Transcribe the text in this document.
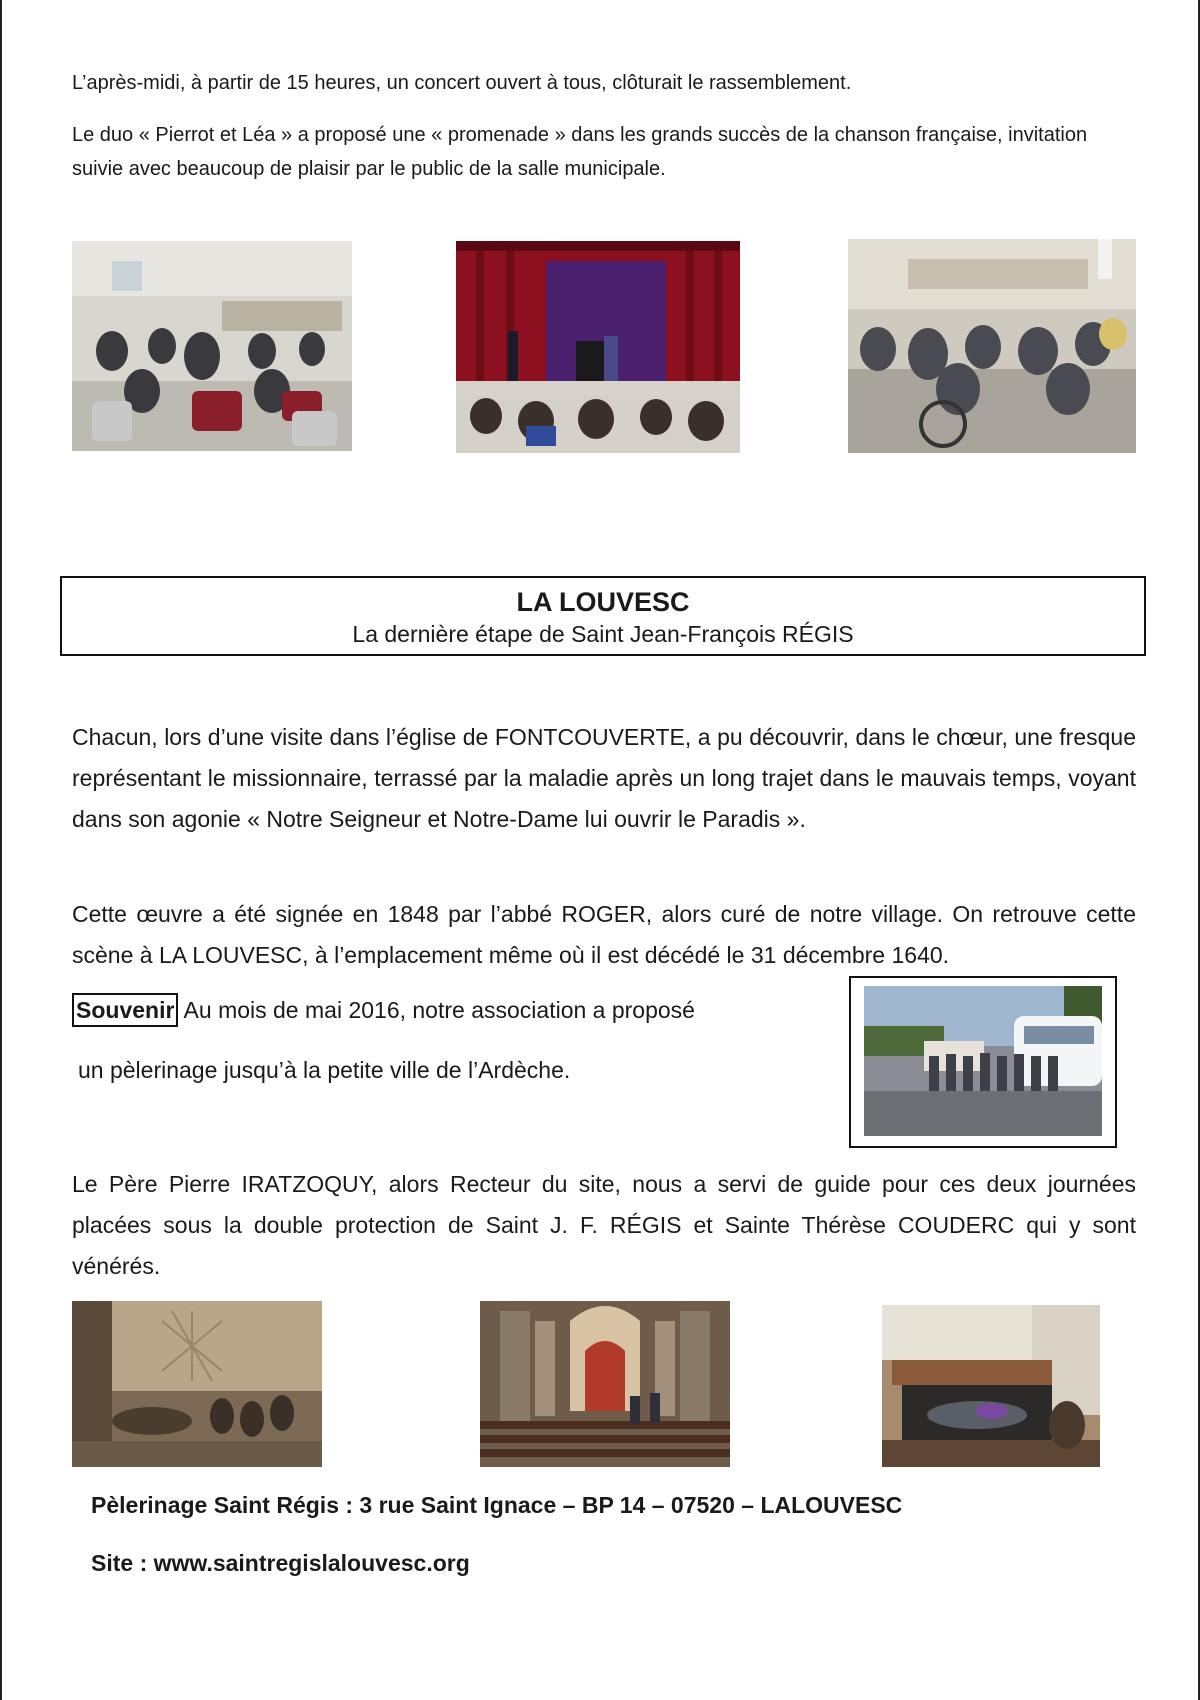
L’après-midi, à partir de 15 heures, un concert ouvert à tous, clôturait le rassemblement.

Le duo « Pierrot et Léa » a proposé une « promenade » dans les grands succès de la chanson française, invitation suivie avec beaucoup de plaisir par le public de la salle municipale.

LA LOUVESC
La dernière étape de Saint Jean-François RÉGIS

Chacun, lors d’une visite dans l’église de FONTCOUVERTE, a pu découvrir, dans le chœur, une fresque représentant le missionnaire, terrassé par la maladie après un long trajet dans le mauvais temps, voyant dans son agonie « Notre Seigneur et Notre-Dame lui ouvrir le Paradis ».

Cette œuvre a été signée en 1848 par l’abbé ROGER, alors curé de notre village. On retrouve cette scène à LA LOUVESC, à l’emplacement même où il est décédé le 31 décembre 1640.

Souvenir Au mois de mai 2016, notre association a proposé
un pèlerinage jusqu’à la petite ville de l’Ardèche.

Le Père Pierre IRATZOQUY, alors Recteur du site, nous a servi de guide pour ces deux journées placées sous la double protection de Saint J. F. RÉGIS et Sainte Thérèse COUDERC qui y sont vénérés.

Pèlerinage Saint Régis : 3 rue Saint Ignace – BP 14 – 07520 – LALOUVESC
Site : www.saintregislalouvesc.org
